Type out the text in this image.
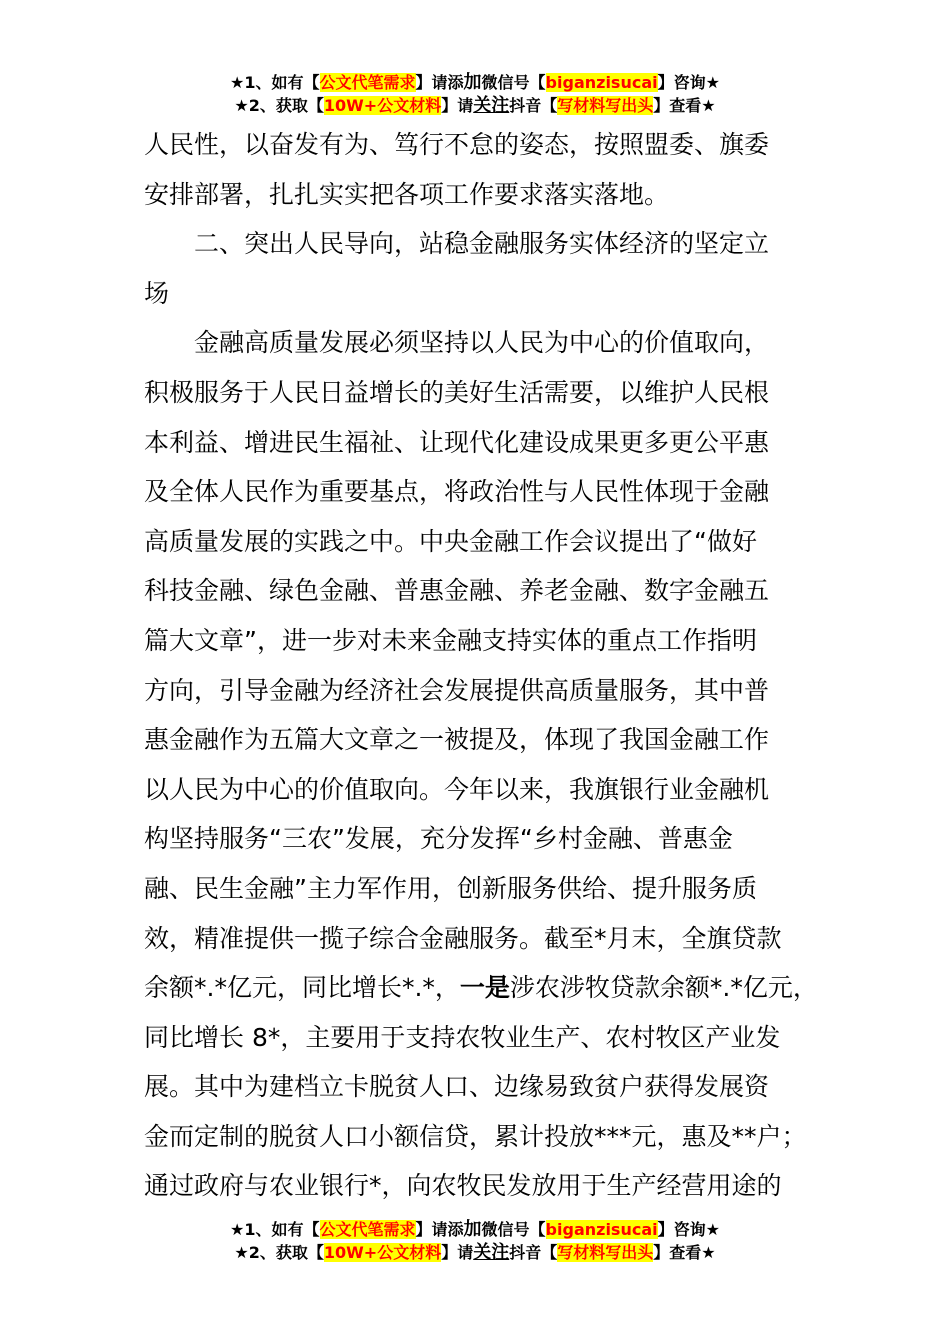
★1、如有【公文代笔需求】请添加微信号【biganzisucai】咨询★
★2、获取【10W+公文材料】请关注抖音【写材料写出头】查看★
人民性，以奋发有为、笃行不怠的姿态，按照盟委、旗委
安排部署，扎扎实实把各项工作要求落实落地。
二、突出人民导向，站稳金融服务实体经济的坚定立
场
金融高质量发展必须坚持以人民为中心的价值取向，
积极服务于人民日益增长的美好生活需要，以维护人民根
本利益、增进民生福祉、让现代化建设成果更多更公平惠
及全体人民作为重要基点，将政治性与人民性体现于金融
高质量发展的实践之中。中央金融工作会议提出了“做好
科技金融、绿色金融、普惠金融、养老金融、数字金融五
篇大文章”，进一步对未来金融支持实体的重点工作指明
方向，引导金融为经济社会发展提供高质量服务，其中普
惠金融作为五篇大文章之一被提及，体现了我国金融工作
以人民为中心的价值取向。今年以来，我旗银行业金融机
构坚持服务“三农”发展，充分发挥“乡村金融、普惠金
融、民生金融”主力军作用，创新服务供给、提升服务质
效，精准提供一揽子综合金融服务。截至*月末，全旗贷款
余额*.*亿元，同比增长*.*，一是涉农涉牧贷款余额*.*亿元，
同比增长 8*，主要用于支持农牧业生产、农村牧区产业发
展。其中为建档立卡脱贫人口、边缘易致贫户获得发展资
金而定制的脱贫人口小额信贷，累计投放***元，惠及**户；
通过政府与农业银行*，向农牧民发放用于生产经营用途的
★1、如有【公文代笔需求】请添加微信号【biganzisucai】咨询★
★2、获取【10W+公文材料】请关注抖音【写材料写出头】查看★
